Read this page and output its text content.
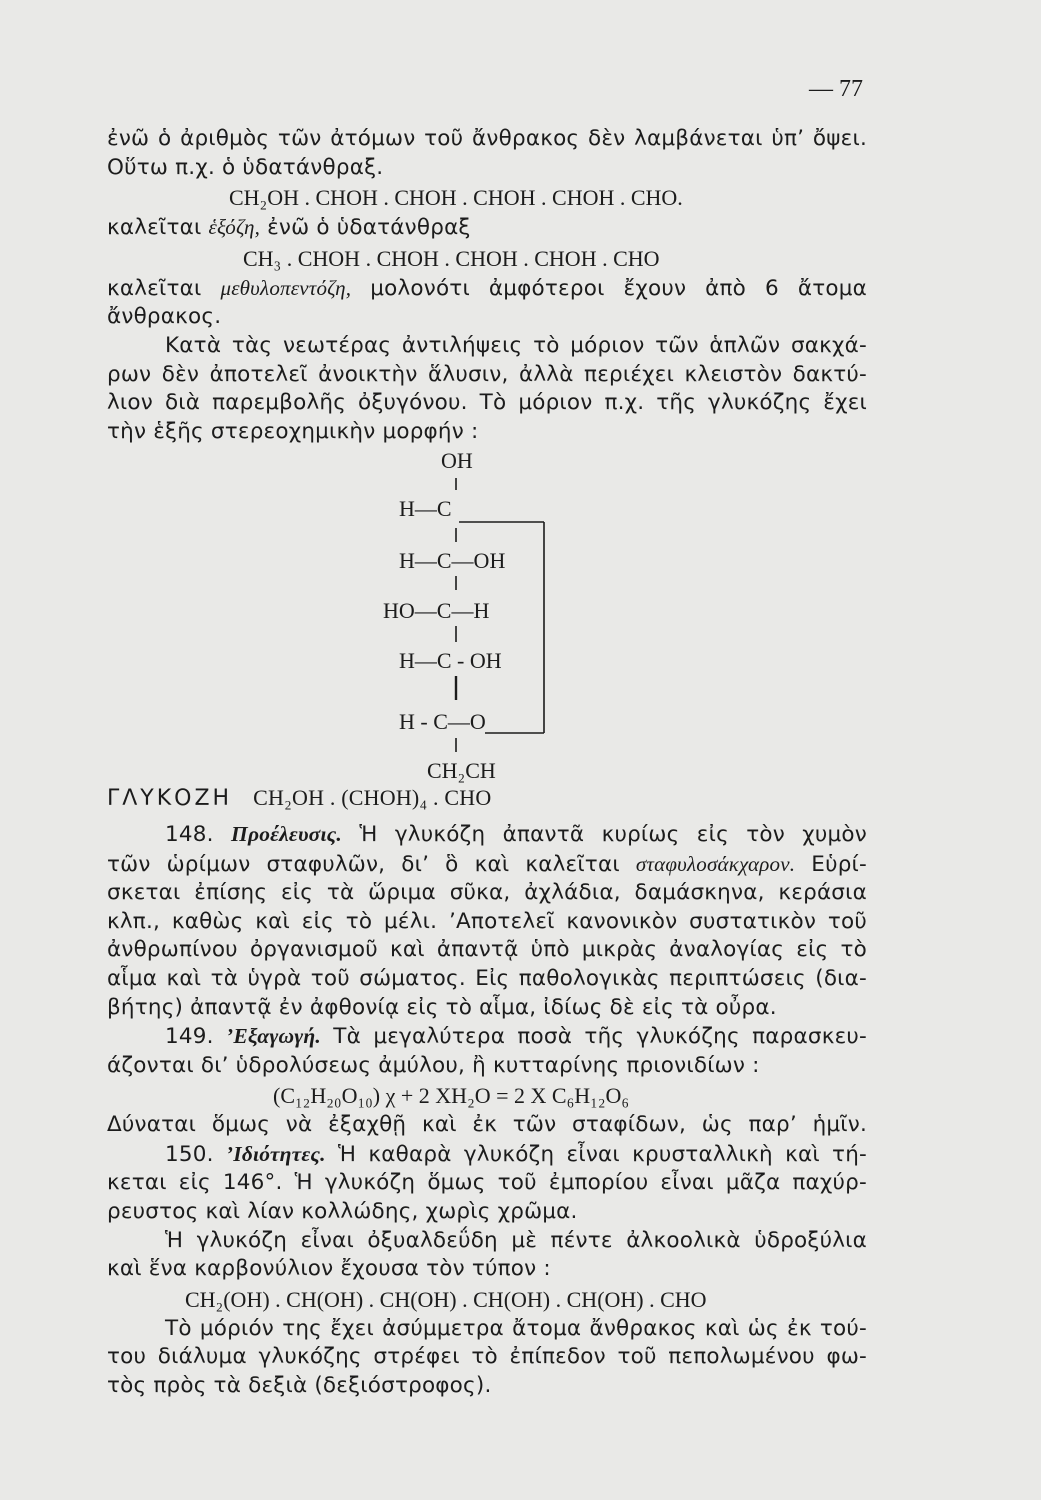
— 77
ἐνῶ ὁ ἀριθμὸς τῶν ἀτόμων τοῦ ἄνθρακος δὲν λαμβάνεται ὑπ’ ὄψει.
Οὕτω π.χ. ὁ ὑδατάνθραξ.
CH₂OH . CHOH . CHOH . CHOH . CHOH . CHO.
καλεῖται ἑξόζη, ἐνῶ ὁ ὑδατάνθραξ
CH₃ . CHOH . CHOH . CHOH . CHOH . CHO
καλεῖται μεθυλοπεντόζη, μολονότι ἀμφότεροι ἔχουν ἀπὸ 6 ἄτομα
ἄνθρακος.
Κατὰ τὰς νεωτέρας ἀντιλήψεις τὸ μόριον τῶν ἁπλῶν σακχά-
ρων δὲν ἀποτελεῖ ἀνοικτὴν ἅλυσιν, ἀλλὰ περιέχει κλειστὸν δακτύ-
λιον διὰ παρεμβολῆς ὀξυγόνου. Τὸ μόριον π.χ. τῆς γλυκόζης ἔχει
τὴν ἑξῆς στερεοχημικὴν μορφήν :
OH
H—C
H—C—OH
HO—C—H
H—C - OH
H - C—O
CH₂CH
ΓΛΥΚΟΖΗ CH₂OH . (CHOH)₄ . CHO
148. Προέλευσις. Ἡ γλυκόζη ἀπαντᾶ κυρίως εἰς τὸν χυμὸν
τῶν ὡρίμων σταφυλῶν, δι’ ὃ καὶ καλεῖται σταφυλοσάκχαρον. Εὑρί-
σκεται ἐπίσης εἰς τὰ ὥριμα σῦκα, ἀχλάδια, δαμάσκηνα, κεράσια
κλπ., καθὼς καὶ εἰς τὸ μέλι. ’Αποτελεῖ κανονικὸν συστατικὸν τοῦ
ἀνθρωπίνου ὀργανισμοῦ καὶ ἀπαντᾷ ὑπὸ μικρὰς ἀναλογίας εἰς τὸ
αἷμα καὶ τὰ ὑγρὰ τοῦ σώματος. Εἰς παθολογικὰς περιπτώσεις (δια-
βήτης) ἀπαντᾷ ἐν ἀφθονίᾳ εἰς τὸ αἷμα, ἰδίως δὲ εἰς τὰ οὖρα.
149. ’Εξαγωγή. Τὰ μεγαλύτερα ποσὰ τῆς γλυκόζης παρασκευ-
άζονται δι’ ὑδρολύσεως ἀμύλου, ἢ κυτταρίνης πριονιδίων :
(C₁₂H₂₀O₁₀) χ + 2 XH₂O = 2 X C₆H₁₂O₆
Δύναται ὅμως νὰ ἐξαχθῇ καὶ ἐκ τῶν σταφίδων, ὡς παρ’ ἡμῖν.
150. ’Ιδιότητες. Ἡ καθαρὰ γλυκόζη εἶναι κρυσταλλικὴ καὶ τή-
κεται εἰς 146°. Ἡ γλυκόζη ὅμως τοῦ ἐμπορίου εἶναι μᾶζα παχύρ-
ρευστος καὶ λίαν κολλώδης, χωρὶς χρῶμα.
Ἡ γλυκόζη εἶναι ὀξυαλδεΰδη μὲ πέντε ἀλκοολικὰ ὑδροξύλια
καὶ ἕνα καρβονύλιον ἔχουσα τὸν τύπον :
CH₂(OH) . CH(OH) . CH(OH) . CH(OH) . CH(OH) . CHO
Τὸ μόριόν της ἔχει ἀσύμμετρα ἄτομα ἄνθρακος καὶ ὡς ἐκ τού-
του διάλυμα γλυκόζης στρέφει τὸ ἐπίπεδον τοῦ πεπολωμένου φω-
τὸς πρὸς τὰ δεξιὰ (δεξιόστροφος).
